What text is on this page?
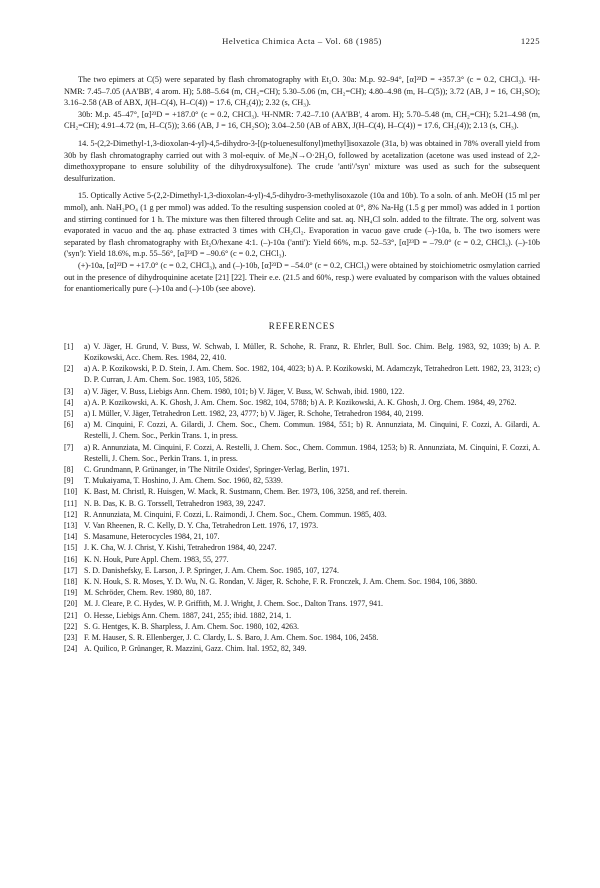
Helvetica Chimica Acta – Vol. 68 (1985)	1225

The two epimers at C(5) were separated by flash chromatography with Et₂O. 30a: M.p. 92–94°, [α]²³D = +357.3° (c = 0.2, CHCl₃). ¹H-NMR: 7.45–7.05 (AA'BB', 4 arom. H); 5.88–5.64 (m, CH₂=CH); 5.30–5.06 (m, CH₂=CH); 4.80–4.98 (m, H–C(5)); 3.72 (AB, J = 16, CH₂SO); 3.16–2.58 (AB of ABX, J(H–C(4), H–C(4)) = 17.6, CH₂(4)); 2.32 (s, CH₃).

30b: M.p. 45–47°, [α]²³D = +187.0° (c = 0.2, CHCl₃). ¹H-NMR: 7.42–7.10 (AA'BB', 4 arom. H); 5.70–5.48 (m, CH₂=CH); 5.21–4.98 (m, CH₂=CH); 4.91–4.72 (m, H–C(5)); 3.66 (AB, J = 16, CH₂SO); 3.04–2.50 (AB of ABX, J(H–C(4), H–C(4)) = 17.6, CH₂(4)); 2.13 (s, CH₃).

14. 5-(2,2-Dimethyl-1,3-dioxolan-4-yl)-4,5-dihydro-3-[(p-toluenesulfonyl)methyl]isoxazole (31a, b) was obtained in 78% overall yield from 30b by flash chromatography carried out with 3 mol-equiv. of Me₃N→O·2H₂O, followed by acetalization (acetone was used instead of 2,2-dimethoxypropane to ensure solubility of the dihydroxysulfone). The crude 'anti'/'syn' mixture was used as such for the subsequent desulfurization.

15. Optically Active 5-(2,2-Dimethyl-1,3-dioxolan-4-yl)-4,5-dihydro-3-methylisoxazole (10a and 10b). To a soln. of anh. MeOH (15 ml per mmol), anh. NaH₂PO₄ (1 g per mmol) was added. To the resulting suspension cooled at 0°, 8% Na-Hg (1.5 g per mmol) was added in 1 portion and stirring continued for 1 h. The mixture was then filtered through Celite and sat. aq. NH₄Cl soln. added to the filtrate. The org. solvent was evaporated in vacuo and the aq. phase extracted 3 times with CH₂Cl₂. Evaporation in vacuo gave crude (–)-10a, b. The two isomers were separated by flash chromatography with Et₂O/hexane 4:1. (–)-10a ('anti'): Yield 66%, m.p. 52–53°, [α]²³D = –79.0° (c = 0.2, CHCl₃). (–)-10b ('syn'): Yield 18.6%, m.p. 55–56°, [α]²³D = –90.6° (c = 0.2, CHCl₃).

(+)-10a, [α]²²D = +17.0° (c = 0.2, CHCl₃), and (–)-10b, [α]²³D = –54.0° (c = 0.2, CHCl₃) were obtained by stoichiometric osmylation carried out in the presence of dihydroquinine acetate [21] [22]. Their e.e. (21.5 and 60%, resp.) were evaluated by comparison with the values obtained for enantiomerically pure (–)-10a and (–)-10b (see above).

REFERENCES
[1]	a) V. Jäger, H. Grund, V. Buss, W. Schwab, I. Müller, R. Schohe, R. Franz, R. Ehrler, Bull. Soc. Chim. Belg. 1983, 92, 1039; b) A. P. Kozikowski, Acc. Chem. Res. 1984, 22, 410.
[2]	a) A. P. Kozikowski, P. D. Stein, J. Am. Chem. Soc. 1982, 104, 4023; b) A. P. Kozikowski, M. Adamczyk, Tetrahedron Lett. 1982, 23, 3123; c) D. P. Curran, J. Am. Chem. Soc. 1983, 105, 5826.
[3]	a) V. Jäger, V. Buss, Liebigs Ann. Chem. 1980, 101; b) V. Jäger, V. Buss, W. Schwab, ibid. 1980, 122.
[4]	a) A. P. Kozikowski, A. K. Ghosh, J. Am. Chem. Soc. 1982, 104, 5788; b) A. P. Kozikowski, A. K. Ghosh, J. Org. Chem. 1984, 49, 2762.
[5]	a) I. Müller, V. Jäger, Tetrahedron Lett. 1982, 23, 4777; b) V. Jäger, R. Schohe, Tetrahedron 1984, 40, 2199.
[6]	a) M. Cinquini, F. Cozzi, A. Gilardi, J. Chem. Soc., Chem. Commun. 1984, 551; b) R. Annunziata, M. Cinquini, F. Cozzi, A. Gilardi, A. Restelli, J. Chem. Soc., Perkin Trans. 1, in press.
[7]	a) R. Annunziata, M. Cinquini, F. Cozzi, A. Restelli, J. Chem. Soc., Chem. Commun. 1984, 1253; b) R. Annunziata, M. Cinquini, F. Cozzi, A. Restelli, J. Chem. Soc., Perkin Trans. 1, in press.
[8]	C. Grundmann, P. Grünanger, in 'The Nitrile Oxides', Springer-Verlag, Berlin, 1971.
[9]	T. Mukaiyama, T. Hoshino, J. Am. Chem. Soc. 1960, 82, 5339.
[10] K. Bast, M. Christl, R. Huisgen, W. Mack, R. Sustmann, Chem. Ber. 1973, 106, 3258, and ref. therein.
[11] N. B. Das, K. B. G. Torssell, Tetrahedron 1983, 39, 2247.
[12] R. Annunziata, M. Cinquini, F. Cozzi, L. Raimondi, J. Chem. Soc., Chem. Commun. 1985, 403.
[13] V. Van Rheenen, R. C. Kelly, D. Y. Cha, Tetrahedron Lett. 1976, 17, 1973.
[14] S. Masamune, Heterocycles 1984, 21, 107.
[15] J. K. Cha, W. J. Christ, Y. Kishi, Tetrahedron 1984, 40, 2247.
[16] K. N. Houk, Pure Appl. Chem. 1983, 55, 277.
[17] S. D. Danishefsky, E. Larson, J. P. Springer, J. Am. Chem. Soc. 1985, 107, 1274.
[18] K. N. Houk, S. R. Moses, Y. D. Wu, N. G. Rondan, V. Jäger, R. Schohe, F. R. Fronczek, J. Am. Chem. Soc. 1984, 106, 3880.
[19] M. Schröder, Chem. Rev. 1980, 80, 187.
[20] M. J. Cleare, P. C. Hydes, W. P. Griffith, M. J. Wright, J. Chem. Soc., Dalton Trans. 1977, 941.
[21] O. Hesse, Liebigs Ann. Chem. 1887, 241, 255; ibid. 1882, 214, 1.
[22] S. G. Hentges, K. B. Sharpless, J. Am. Chem. Soc. 1980, 102, 4263.
[23] F. M. Hauser, S. R. Ellenberger, J. C. Clardy, L. S. Baro, J. Am. Chem. Soc. 1984, 106, 2458.
[24] A. Quilico, P. Grünanger, R. Mazzini, Gazz. Chim. Ital. 1952, 82, 349.
